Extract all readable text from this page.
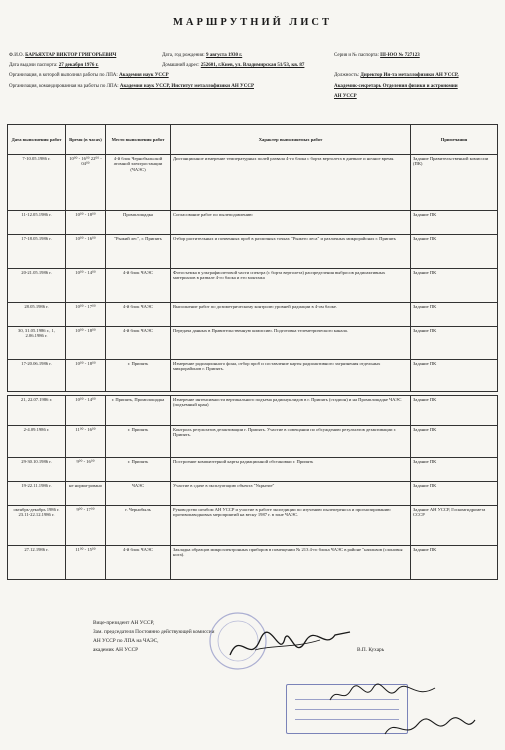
МАРШРУТНИЙ ЛИСТ
Ф.И.О. БАРЬЯХТАР ВИКТОР ГРИГОРЬЕВИЧ	Дата, год рождения: 9 августа 1930 г.	Серия и № паспорта: III-ЮО № 727123
Дата выдачи паспорта: 27 декабря 1976 г.	Домашний адрес: 252601, г.Киев, ул. Владимирская 51/53, кв. 87
Организация, в которой выполнял работы по ЛПА: Академия наук УССР	Должность: Директор Ин-та металлофизики АН УССР,
Организация, командированная на работы по ЛПА: Академия наук УССР, Институт металлофизики АН УССР	Академик-секретарь Отделения физики и астрономии
АН УССР
Дата выполнения работ	Время (в часах)	Место выполнения работ	Характер выполняемых работ	Примечания
7-10.05.1986 г.	10⁰⁰ - 16⁰⁰ 22⁰⁰ - 04⁰⁰	4-й блок Чернобыльской атомной электростанции (ЧАЭС)	Дистанционное измерение температурных полей развала 4-го блока с борта вертолета в дневное и ночное время.	Задание Правительственной комиссии (ПК)
11-12.05.1986 г.	10⁰⁰ - 18⁰⁰	Промплощадка	Согласование работ по пылеподавлению	Задание ПК
17-18.05.1986 г.	10⁰⁰ - 16⁰⁰	"Рыжий лес", г. Припять	Отбор растительных и почвенных проб в различных точках "Рыжего леса" и различных микрорайонах г. Припять	Задание ПК
20-21.05.1986 г.	10⁰⁰ - 14⁰⁰	4-й блок ЧАЭС	Фотосъемка в ультрафиолетовой части спектра (с борта вертолета) распределения выбросов радиоактивных материалов в развале 4-го блока и его монтажа	Задание ПК
28.05.1986 г.	10⁰⁰ - 17⁰⁰	4-й блок ЧАЭС	Выполнение работ по дозиметрическому контролю уровней радиации в 4-ом блоке.	Задание ПК
30, 31.05.1986 г., 1, 2.06.1986 г.	10⁰⁰ - 18⁰⁰	4-й блок ЧАЭС	Передача данных в Правительственную комиссию. Подготовка телеметрического канала.	Задание ПК
17-20.06.1986 г.	10⁰⁰ - 18⁰⁰	г. Припять	Измерение радиационного фона, отбор проб и составление карты радиоактивного загрязнения отдельных микрорайонов г. Припять.	Задание ПК
21, 22.07.1986 г.	10⁰⁰ - 14⁰⁰	г. Припять, Промплощадка	Измерение интенсивности вертикального подъема радионуклидов в г. Припять (стадион) и на Промплощадке ЧАЭС (подъемный кран)	Задание ПК
2-4.09.1986 г.	11⁰⁰ - 16⁰⁰	г. Припять	Контроль результатов дезактивации г. Припять. Участие в совещании по обсуждению результатов дезактивации г. Припять.	Задание ПК
29-30.10.1986 г.	9⁰⁰ - 16⁰⁰	г. Припять	Построение компьютерной карты радиационной обстановки г. Припять	Задание ПК
19-22.11.1986 г.	не норми-ровано	ЧАЭС	Участие в сдаче в эксплуатацию объекта "Укрытие"	Задание ПК
октябрь-декабрь 1986 г. 23.11-22.12.1986 г.	9⁰⁰ - 17⁰⁰	г. Чернобыль	Руководство штабом АН УССР и участие в работе экспедиции по изучению пылепереноса и прогнозированию противопаводковых мероприятий на весну 1987 г. в зоне ЧАЭС.	Задание АН УССР, Госкомгидромета СССР
27.12.1986 г.	11⁰⁰ - 15⁰⁰	4-й блок ЧАЭС	Закладка образцов микроэлектронных приборов в помещении № 213 4-го блока ЧАЭС в районе "напльвов (слоновья нога).	Задание ПК
Вице-президент АН УССР,
Зам. председателя Постоянно действующей комиссии
АН УССР по ЛПА на ЧАЭС,
академик АН УССР	В.П. Кухарь
